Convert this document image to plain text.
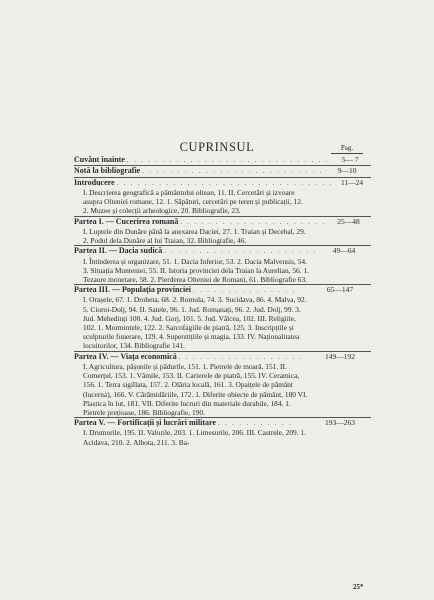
· ·
CUPRINSUL	Pag.
Cuvânt înainte . . . . . . . . . . . . . . . . . . . . . . . . . . . . .	5— 7
Notă la bibliografie . . . . . . . . . . . . . . . . . . . . . . . . . .	9—10
Introducere . . . . . . . . . . . . . . . . . . . . . . . . . . . . . . .	11—24
I. Descrierea geografică a pământului oltean, 11. II. Cercetări și izvoare asupra Olteniei romane, 12. 1. Săpături, cercetări pe teren și publicații, 12. 2. Muzee și colecții arheologice, 20. Bibliografie, 23.
Partea I. — Cucerirea romană . . . . . . . . . . . . . . . . . . . . .	25—48
I. Luptele din Dunăre până la anexarea Daciei, 27. 1. Traian și Decebal, 29. 2. Podul dela Dunăre al lui Traian, 32. Bibliografie, 46.
Partea II. — Dacia sudică . . . . . . . . . . . . . . . . . . . . . .	49—64
I. Întinderea și organizare, 51. 1. Dacia Inferior, 53. 2. Dacia Malvensis, 54. 3. Situația Munteniei, 55. II. Istoria provinciei dela Traian la Aurelian, 56. 1. Tezaure monetare, 58. 2. Pierderea Olteniei de Romani, 61. Bibliografie 63.
Partea III. — Populația provinciei . . . . . . . . . . . . . . .	65—147
I. Orașele, 67. 1. Drobeta, 68. 2. Romula, 74. 3. Sucidava, 86. 4. Malva, 92. 5. Cioroi-Dolj, 94. II. Satele, 96. 1. Jud. Romanați, 96. 2. Jud. Dolj, 99. 3. Jud. Mehedinți 100. 4. Jud. Gorj, 101. 5. Jud. Vâlcea, 102. III. Religiile, 102. 1. Mormintele, 122. 2. Sarcofagiile de piatră, 125. 3. Inscripțiile și sculpturile funerare, 129. 4. Superstițiile și magia, 133. IV. Naționalitatea locuitorilor, 134. Bibliografie 141.
Partea IV. — Viața economică . . . . . . . . . . . . . . . . . .	149—192
I. Agricultura, pășunile și pădurile, 151. 1. Pietrele de moară, 151. II. Comerțul, 153. 1. Vămile, 153. II. Carierele de piatră, 155. IV. Ceramica, 156. 1. Terra sigillata, 157. 2. Olăria locală, 161. 3. Opaițele de pământ (lucerna), 166. V. Cărămidăriile, 172. 1. Diferite obiecte de pământ, 180 VI. Plastica în lut, 181. VII. Diferite lucruri din materiale durabile, 184. 1. Pietrele prețioase, 186. Bibliografie, 190.
Partea V. — Fortificații și lucrări militare . . . . . . . . . . .	193—263
I. Drumurile, 195. II. Valurile, 203. 1. Limesurile, 206. III. Castrele, 209. 1. Acidava, 210. 2. Albota, 211. 3. Ba-
25*
